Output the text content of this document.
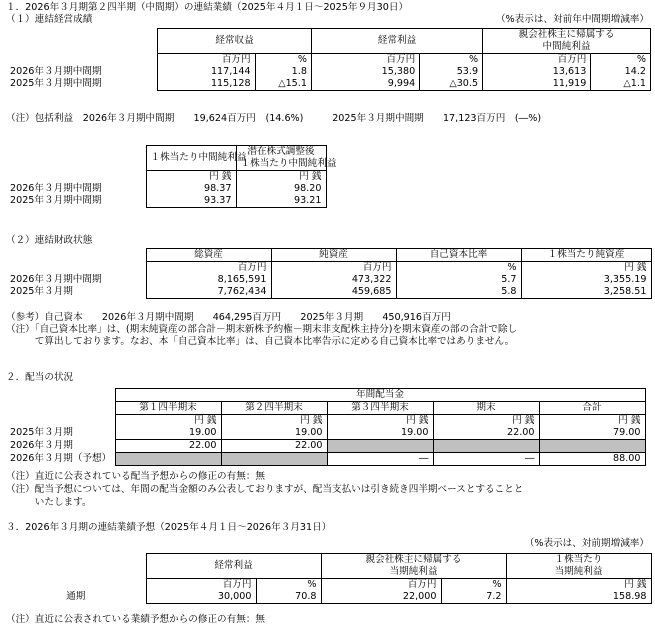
１．2026年３月期第２四半期（中間期）の連結業績（2025年４月１日～2025年９月30日）
（１）連結経営成績	（%表示は、対前年中間期増減率）
	経常収益		経常利益		親会社株主に帰属する	
					中間純利益	
	百万円	%	百万円	%	百万円	%
2026年３月期中間期	117,144	1.8	15,380	53.9	13,613	14.2
2025年３月期中間期	115,128	△15.1	9,994	△30.5	11,919	△1.1
（注）包括利益　2026年３月期中間期　　19,624百万円　(14.6%)　　　2025年３月期中間期　　17,123百万円　(―%)
	１株当たり中間純利益	潜在株式調整後
		１株当たり中間純利益
	円 銭	円 銭
2026年３月期中間期	98.37	98.20
2025年３月期中間期	93.37	93.21
（２）連結財政状態
	総資産	純資産	自己資本比率	１株当たり純資産
	百万円	百万円	%	円 銭
2026年３月期中間期	8,165,591	473,322	5.7	3,355.19
2025年３月期	7,762,434	459,685	5.8	3,258.51
（参考）自己資本　　2026年３月期中間期　　464,295百万円　　2025年３月期　　450,916百万円
（注）「自己資本比率」は、(期末純資産の部合計－期末新株予約権－期末非支配株主持分)を期末資産の部の合計で除し
　　　て算出しております。なお、本「自己資本比率」は、自己資本比率告示に定める自己資本比率ではありません。
２．配当の状況
	年間配当金				
	第１四半期末	第２四半期末	第３四半期末	期末	合計
	円 銭	円 銭	円 銭	円 銭	円 銭
2025年３月期	19.00	19.00	19.00	22.00	79.00
2026年３月期	22.00	22.00			
2026年３月期（予想）			―	―	88.00
（注）直近に公表されている配当予想からの修正の有無：無
（注）配当予想については、年間の配当金額のみ公表しておりますが、配当支払いは引き続き四半期ベースとすることと
　　　いたします。
３．2026年３月期の連結業績予想（2025年４月１日～2026年３月31日）
（%表示は、対前期増減率）
	経常利益		親会社株主に帰属する		１株当たり
			当期純利益		当期純利益
	百万円	%	百万円	%	円 銭
通期	30,000	70.8	22,000	7.2	158.98
（注）直近に公表されている業績予想からの修正の有無：無
